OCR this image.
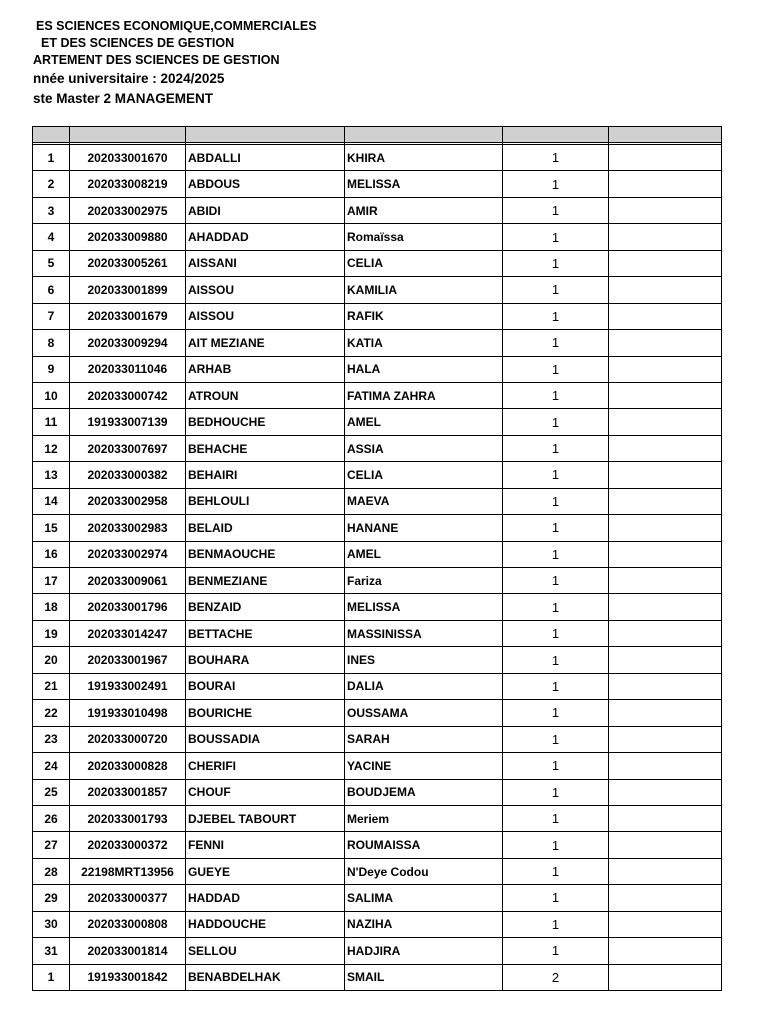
ES SCIENCES ECONOMIQUE,COMMERCIALES
ET DES SCIENCES DE GESTION
ARTEMENT DES SCIENCES DE GESTION
nnée universitaire : 2024/2025
ste Master 2 MANAGEMENT

1	202033001670	ABDALLI	KHIRA	1	
2	202033008219	ABDOUS	MELISSA	1	
3	202033002975	ABIDI	AMIR	1	
4	202033009880	AHADDAD	Romaïssa	1	
5	202033005261	AISSANI	CELIA	1	
6	202033001899	AISSOU	KAMILIA	1	
7	202033001679	AISSOU	RAFIK	1	
8	202033009294	AIT MEZIANE	KATIA	1	
9	202033011046	ARHAB	HALA	1	
10	202033000742	ATROUN	FATIMA ZAHRA	1	
11	191933007139	BEDHOUCHE	AMEL	1	
12	202033007697	BEHACHE	ASSIA	1	
13	202033000382	BEHAIRI	CELIA	1	
14	202033002958	BEHLOULI	MAEVA	1	
15	202033002983	BELAID	HANANE	1	
16	202033002974	BENMAOUCHE	AMEL	1	
17	202033009061	BENMEZIANE	Fariza	1	
18	202033001796	BENZAID	MELISSA	1	
19	202033014247	BETTACHE	MASSINISSA	1	
20	202033001967	BOUHARA	INES	1	
21	191933002491	BOURAI	DALIA	1	
22	191933010498	BOURICHE	OUSSAMA	1	
23	202033000720	BOUSSADIA	SARAH	1	
24	202033000828	CHERIFI	YACINE	1	
25	202033001857	CHOUF	BOUDJEMA	1	
26	202033001793	DJEBEL TABOURT	Meriem	1	
27	202033000372	FENNI	ROUMAISSA	1	
28	22198MRT13956	GUEYE	N'Deye Codou	1	
29	202033000377	HADDAD	SALIMA	1	
30	202033000808	HADDOUCHE	NAZIHA	1	
31	202033001814	SELLOU	HADJIRA	1	
1	191933001842	BENABDELHAK	SMAIL	2	
